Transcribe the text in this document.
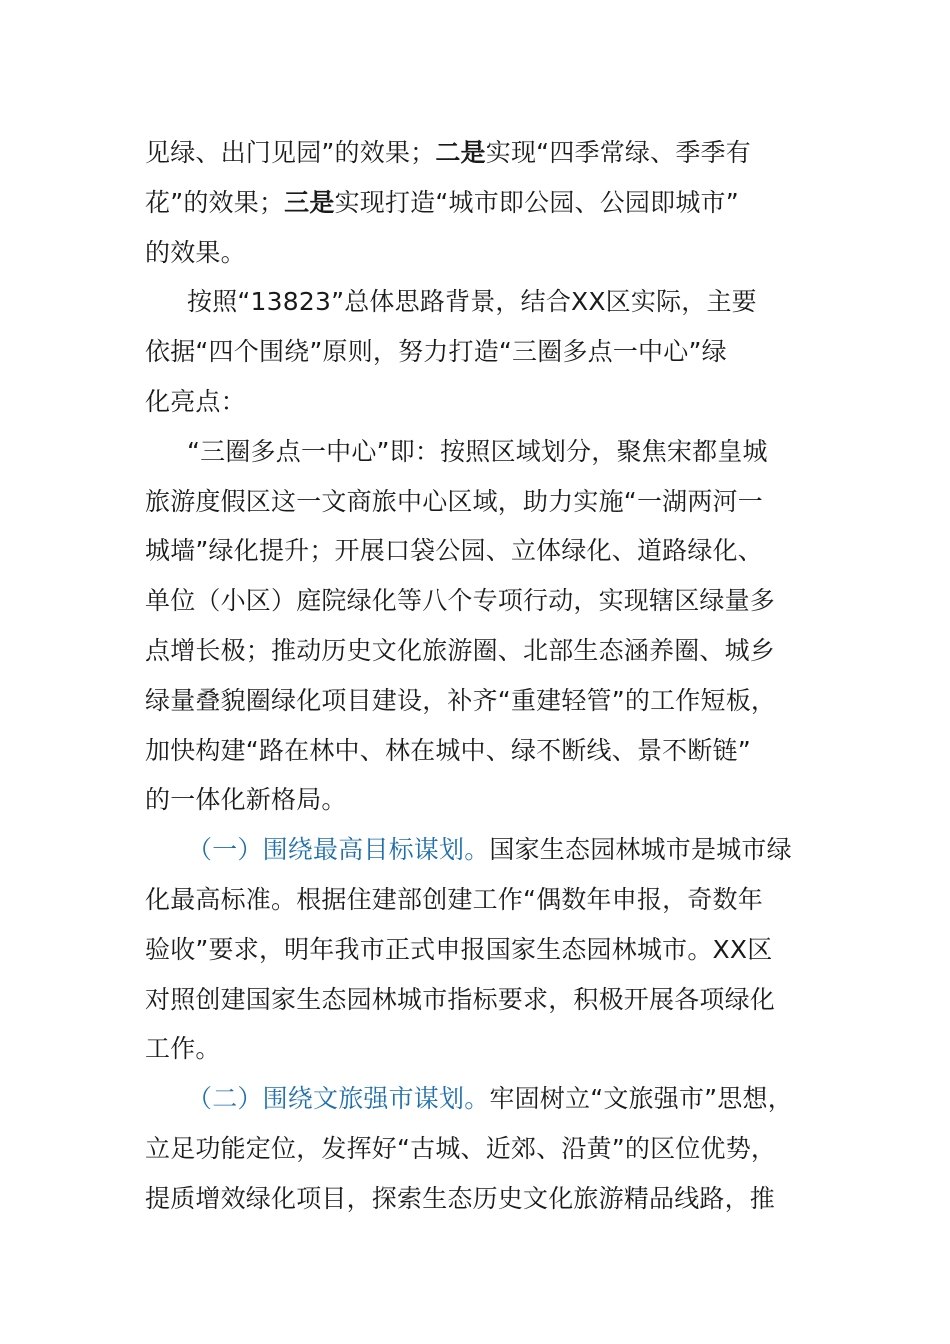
见绿、出门见园”的效果；二是实现“四季常绿、季季有
花”的效果；三是实现打造“城市即公园、公园即城市”
的效果。
按照“13823”总体思路背景，结合XX区实际，主要
依据“四个围绕”原则，努力打造“三圈多点一中心”绿
化亮点：
“三圈多点一中心”即：按照区域划分，聚焦宋都皇城
旅游度假区这一文商旅中心区域，助力实施“一湖两河一
城墙”绿化提升；开展口袋公园、立体绿化、道路绿化、
单位（小区）庭院绿化等八个专项行动，实现辖区绿量多
点增长极；推动历史文化旅游圈、北部生态涵养圈、城乡
绿量叠貌圈绿化项目建设，补齐“重建轻管”的工作短板，
加快构建“路在林中、林在城中、绿不断线、景不断链”
的一体化新格局。
（一）围绕最高目标谋划。国家生态园林城市是城市绿
化最高标准。根据住建部创建工作“偶数年申报，奇数年
验收”要求，明年我市正式申报国家生态园林城市。XX区
对照创建国家生态园林城市指标要求，积极开展各项绿化
工作。
（二）围绕文旅强市谋划。牢固树立“文旅强市”思想，
立足功能定位，发挥好“古城、近郊、沿黄”的区位优势，
提质增效绿化项目，探索生态历史文化旅游精品线路，推
